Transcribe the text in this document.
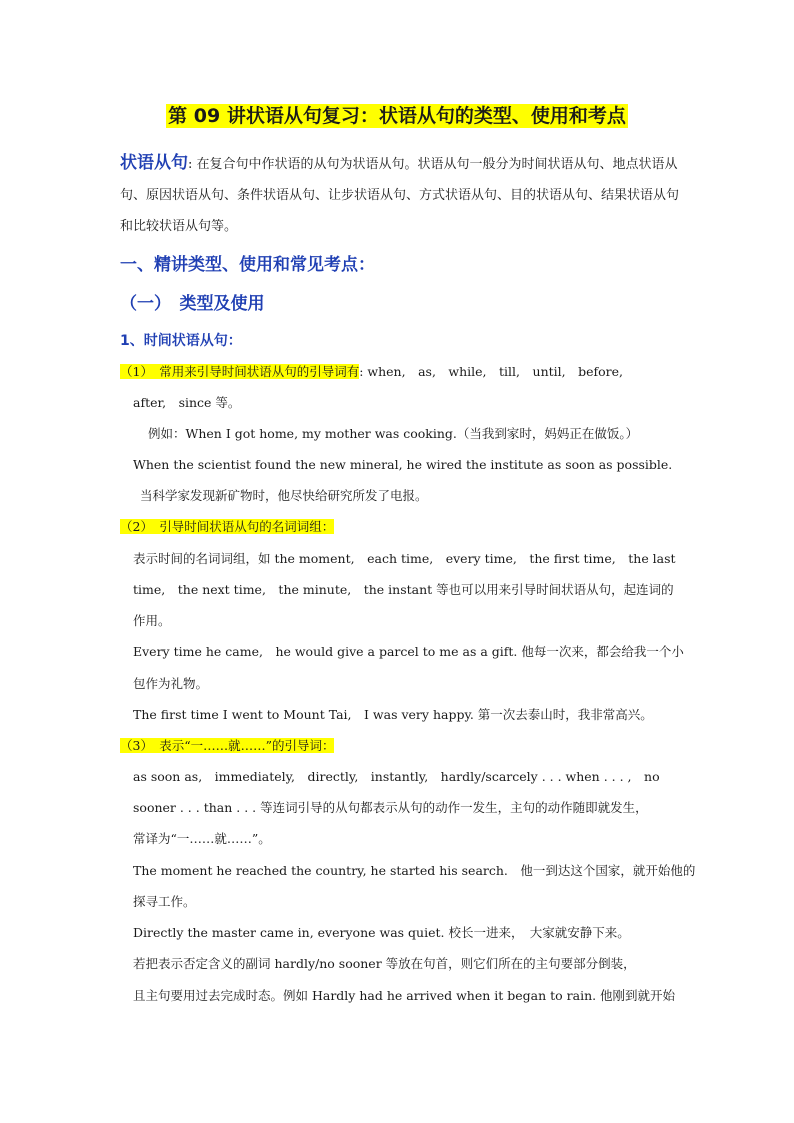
第 09 讲状语从句复习：状语从句的类型、使用和考点
状语从句: 在复合句中作状语的从句为状语从句。状语从句一般分为时间状语从句、地点状语从句、原因状语从句、条件状语从句、让步状语从句、方式状语从句、目的状语从句、结果状语从句和比较状语从句等。
一、精讲类型、使用和常见考点：
（一）　类型及使用
1、时间状语从句：
（1）　常用来引导时间状语从句的引导词有: when,　as,　while,　till,　until,　before,
after,　since 等。
例如：When I got home, my mother was cooking.（当我到家时，妈妈正在做饭。）
When the scientist found the new mineral, he wired the institute as soon as possible.
当科学家发现新矿物时，他尽快给研究所发了电报。
（2）　引导时间状语从句的名词词组：
表示时间的名词词组，如 the moment,　each time,　every time,　the first time,　the last
time,　the next time,　the minute,　the instant 等也可以用来引导时间状语从句，起连词的
作用。
Every time he came,　he would give a parcel to me as a gift. 他每一次来，都会给我一个小
包作为礼物。
The first time I went to Mount Tai,　I was very happy. 第一次去泰山时，我非常高兴。
（3）　表示“一……就……”的引导词：
as soon as,　immediately,　directly,　instantly,　hardly/scarcely . . . when . . . ,　no
sooner . . . than . . . 等连词引导的从句都表示从句的动作一发生，主句的动作随即就发生，
常译为“一……就……”。
The moment he reached the country, he started his search.　他一到达这个国家，就开始他的
探寻工作。
Directly the master came in, everyone was quiet. 校长一进来，　大家就安静下来。
若把表示否定含义的副词 hardly/no sooner 等放在句首，则它们所在的主句要部分倒装，
且主句要用过去完成时态。例如 Hardly had he arrived when it began to rain. 他刚到就开始
